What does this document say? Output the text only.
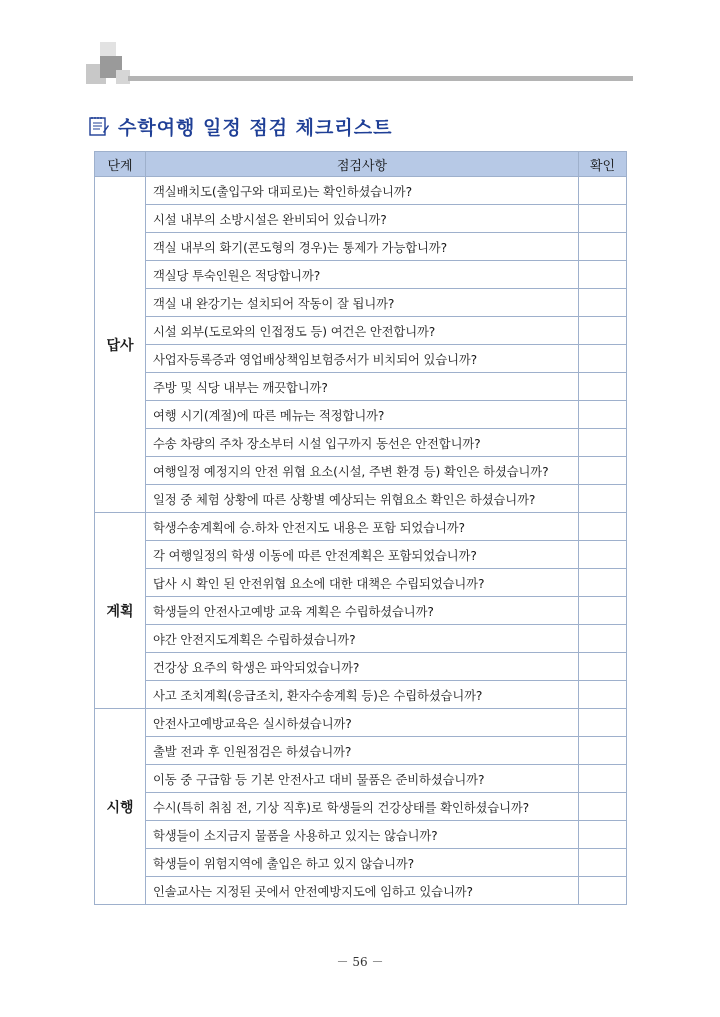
수학여행 일정 점검 체크리스트
단계	점검사항	확인
답사	객실배치도(출입구와 대피로)는 확인하셨습니까?	
	시설 내부의 소방시설은 완비되어 있습니까?	
	객실 내부의 화기(콘도형의 경우)는 통제가 가능합니까?	
	객실당 투숙인원은 적당합니까?	
	객실 내 완강기는 설치되어 작동이 잘 됩니까?	
	시설 외부(도로와의 인접정도 등) 여건은 안전합니까?	
	사업자등록증과 영업배상책임보험증서가 비치되어 있습니까?	
	주방 및 식당 내부는 깨끗합니까?	
	여행 시기(계절)에 따른 메뉴는 적정합니까?	
	수송 차량의 주차 장소부터 시설 입구까지 동선은 안전합니까?	
	여행일정 예정지의 안전 위협 요소(시설, 주변 환경 등) 확인은 하셨습니까?	
	일정 중 체험 상황에 따른 상황별 예상되는 위협요소 확인은 하셨습니까?	
계획	학생수송계획에 승.하차 안전지도 내용은 포함 되었습니까?	
	각 여행일정의 학생 이동에 따른 안전계획은 포함되었습니까?	
	답사 시 확인 된 안전위협 요소에 대한 대책은 수립되었습니까?	
	학생들의 안전사고예방 교육 계획은 수립하셨습니까?	
	야간 안전지도계획은 수립하셨습니까?	
	건강상 요주의 학생은 파악되었습니까?	
	사고 조치계획(응급조치, 환자수송계획 등)은 수립하셨습니까?	
시행	안전사고예방교육은 실시하셨습니까?	
	출발 전과 후 인원점검은 하셨습니까?	
	이동 중 구급함 등 기본 안전사고 대비 물품은 준비하셨습니까?	
	수시(특히 취침 전, 기상 직후)로 학생들의 건강상태를 확인하셨습니까?	
	학생들이 소지금지 물품을 사용하고 있지는 않습니까?	
	학생들이 위험지역에 출입은 하고 있지 않습니까?	
	인솔교사는 지정된 곳에서 안전예방지도에 임하고 있습니까?	
－ 56 －
